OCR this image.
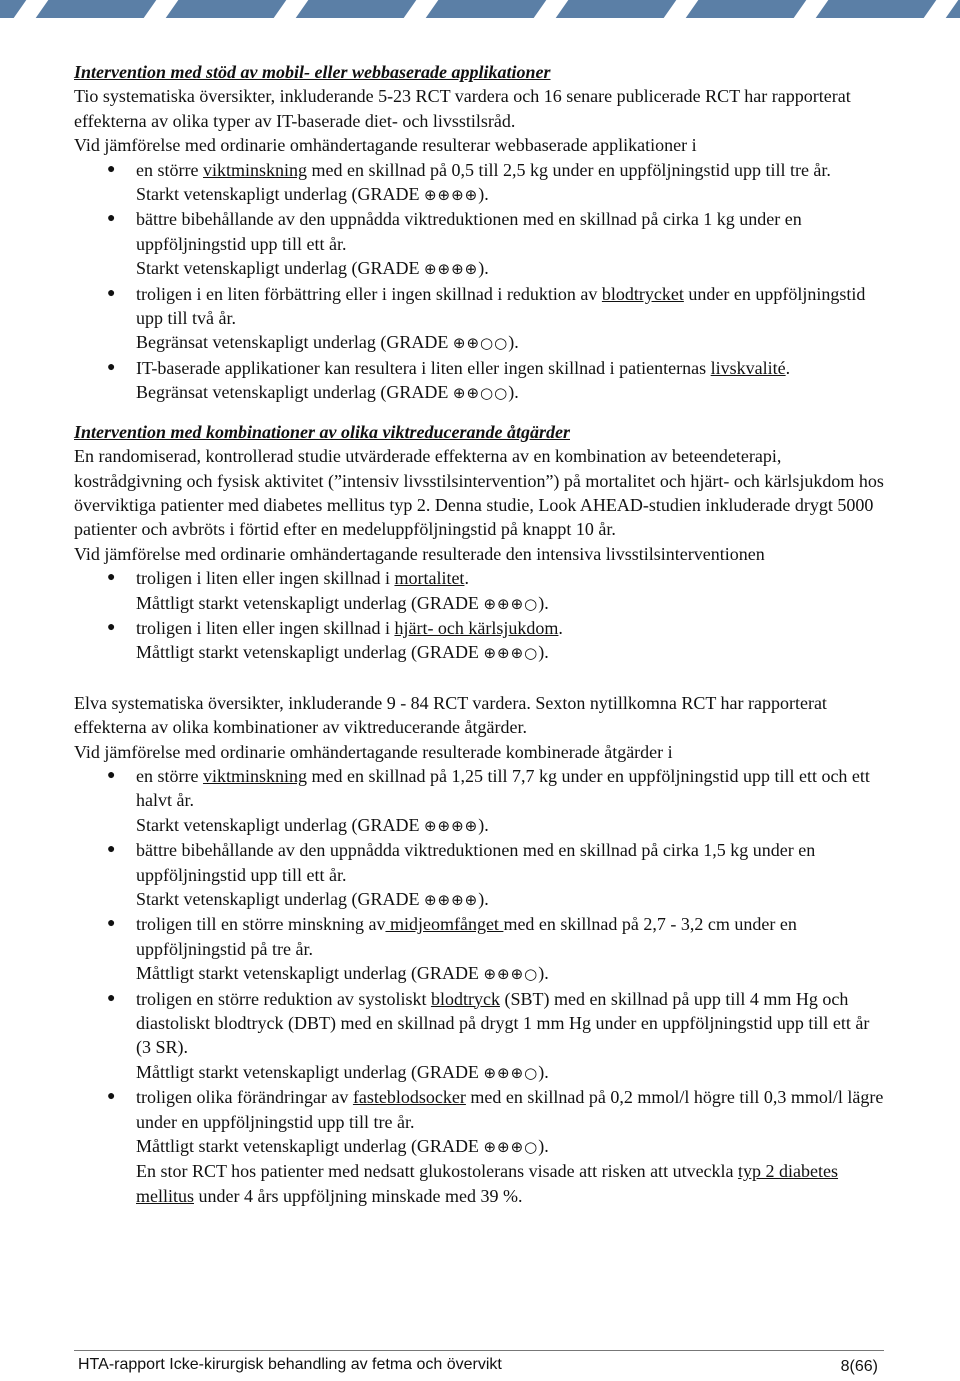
Intervention med stöd av mobil- eller webbaserade applikationer

Tio systematiska översikter, inkluderande 5-23 RCT vardera och 16 senare publicerade RCT har rapporterat effekterna av olika typer av IT-baserade diet- och livsstilsråd.

Vid jämförelse med ordinarie omhändertagande resulterar webbaserade applikationer i

● en större viktminskning med en skillnad på 0,5 till 2,5 kg under en uppföljningstid upp till tre år.
Starkt vetenskapligt underlag (GRADE ⊕⊕⊕⊕).
● bättre bibehållande av den uppnådda viktreduktionen med en skillnad på cirka 1 kg under en uppföljningstid upp till ett år.
Starkt vetenskapligt underlag (GRADE ⊕⊕⊕⊕).
● troligen i en liten förbättring eller i ingen skillnad i reduktion av blodtrycket under en uppföljningstid upp till två år.
Begränsat vetenskapligt underlag (GRADE ⊕⊕○○).
● IT-baserade applikationer kan resultera i liten eller ingen skillnad i patienternas livskvalité.
Begränsat vetenskapligt underlag (GRADE ⊕⊕○○).

Intervention med kombinationer av olika viktreducerande åtgärder

En randomiserad, kontrollerad studie utvärderade effekterna av en kombination av beteendeterapi, kostrådgivning och fysisk aktivitet (”intensiv livsstilsintervention”) på mortalitet och hjärt- och kärlsjukdom hos överviktiga patienter med diabetes mellitus typ 2. Denna studie, Look AHEAD-studien inkluderade drygt 5000 patienter och avbröts i förtid efter en medeluppföljningstid på knappt 10 år.

Vid jämförelse med ordinarie omhändertagande resulterade den intensiva livsstilsinterventionen

● troligen i liten eller ingen skillnad i mortalitet.
Måttligt starkt vetenskapligt underlag (GRADE ⊕⊕⊕○).
● troligen i liten eller ingen skillnad i hjärt- och kärlsjukdom.
Måttligt starkt vetenskapligt underlag (GRADE ⊕⊕⊕○).

Elva systematiska översikter, inkluderande 9 - 84 RCT vardera. Sexton nytillkomna RCT har rapporterat effekterna av olika kombinationer av viktreducerande åtgärder.

Vid jämförelse med ordinarie omhändertagande resulterade kombinerade åtgärder i

● en större viktminskning med en skillnad på 1,25 till 7,7 kg under en uppföljningstid upp till ett och ett halvt år.
Starkt vetenskapligt underlag (GRADE ⊕⊕⊕⊕).
● bättre bibehållande av den uppnådda viktreduktionen med en skillnad på cirka 1,5 kg under en uppföljningstid upp till ett år.
Starkt vetenskapligt underlag (GRADE ⊕⊕⊕⊕).
● troligen till en större minskning av midjeomfånget med en skillnad på 2,7 - 3,2 cm under en uppföljningstid på tre år.
Måttligt starkt vetenskapligt underlag (GRADE ⊕⊕⊕○).
● troligen en större reduktion av systoliskt blodtryck (SBT) med en skillnad på upp till 4 mm Hg och diastoliskt blodtryck (DBT) med en skillnad på drygt 1 mm Hg under en uppföljningstid upp till ett år (3 SR).
Måttligt starkt vetenskapligt underlag (GRADE ⊕⊕⊕○).
● troligen olika förändringar av fasteblodsocker med en skillnad på 0,2 mmol/l högre till 0,3 mmol/l lägre under en uppföljningstid upp till tre år.
Måttligt starkt vetenskapligt underlag (GRADE ⊕⊕⊕○).
En stor RCT hos patienter med nedsatt glukostolerans visade att risken att utveckla typ 2 diabetes mellitus under 4 års uppföljning minskade med 39 %.
HTA-rapport Icke-kirurgisk behandling av fetma och övervikt	8(66)
